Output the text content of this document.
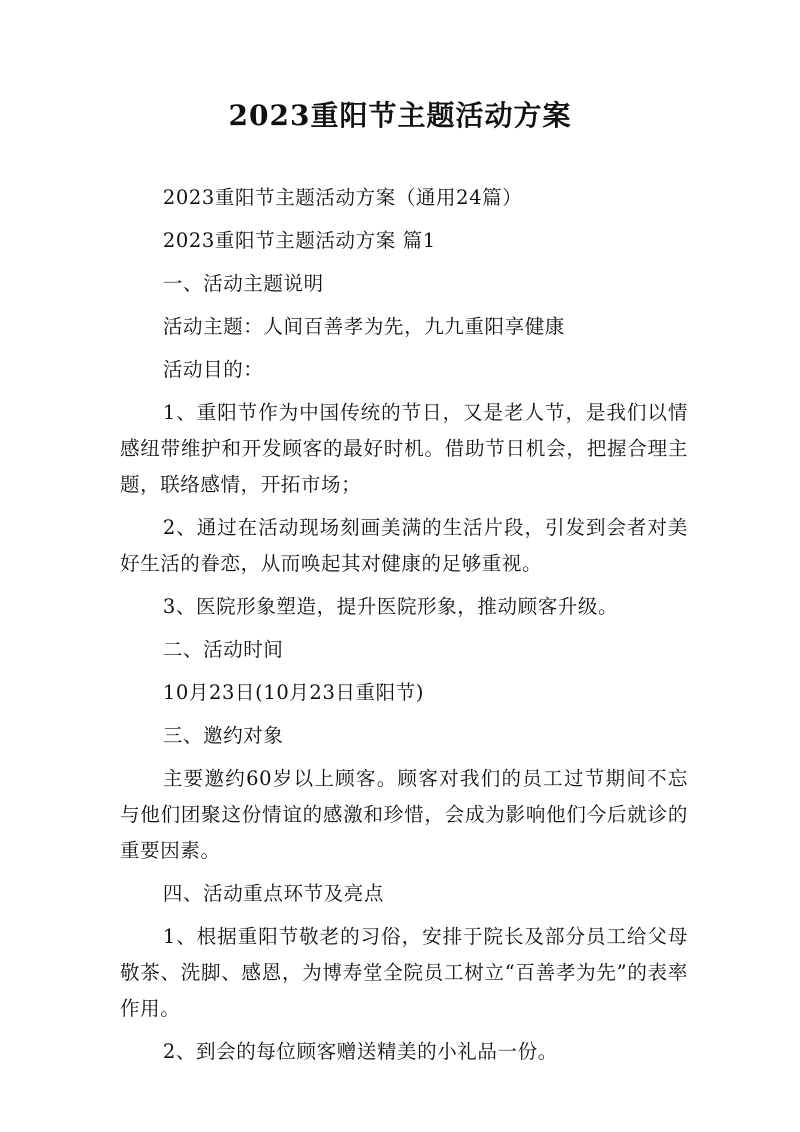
2023重阳节主题活动方案

2023重阳节主题活动方案（通用24篇）

2023重阳节主题活动方案 篇1

一、活动主题说明

活动主题：人间百善孝为先，九九重阳享健康

活动目的：

1、重阳节作为中国传统的节日，又是老人节，是我们以情感纽带维护和开发顾客的最好时机。借助节日机会，把握合理主题，联络感情，开拓市场；

2、通过在活动现场刻画美满的生活片段，引发到会者对美好生活的眷恋，从而唤起其对健康的足够重视。

3、医院形象塑造，提升医院形象，推动顾客升级。

二、活动时间

10月23日(10月23日重阳节)

三、邀约对象

主要邀约60岁以上顾客。顾客对我们的员工过节期间不忘与他们团聚这份情谊的感激和珍惜，会成为影响他们今后就诊的重要因素。

四、活动重点环节及亮点

1、根据重阳节敬老的习俗，安排于院长及部分员工给父母敬茶、洗脚、感恩，为博寿堂全院员工树立“百善孝为先”的表率作用。

2、到会的每位顾客赠送精美的小礼品一份。
